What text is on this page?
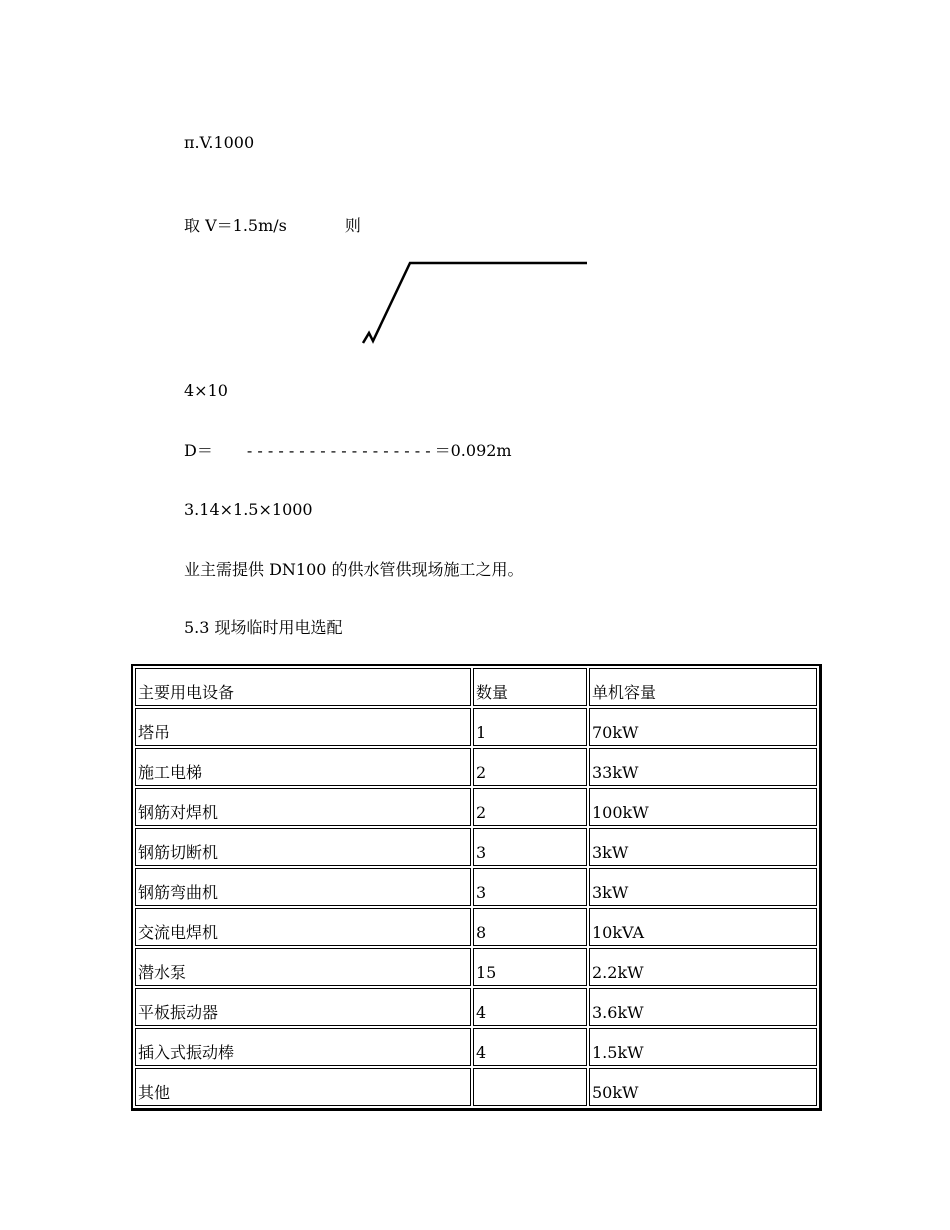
π.V.1000

取 V＝1.5m/s	则

4×10

D＝ - - - - - - - - - - - - - - - - - - ＝0.092m

3.14×1.5×1000

业主需提供 DN100 的供水管供现场施工之用。

5.3 现场临时用电选配

主要用电设备	数量	单机容量
塔吊	1	70kW
施工电梯	2	33kW
钢筋对焊机	2	100kW
钢筋切断机	3	3kW
钢筋弯曲机	3	3kW
交流电焊机	8	10kVA
潜水泵	15	2.2kW
平板振动器	4	3.6kW
插入式振动棒	4	1.5kW
其他		50kW
